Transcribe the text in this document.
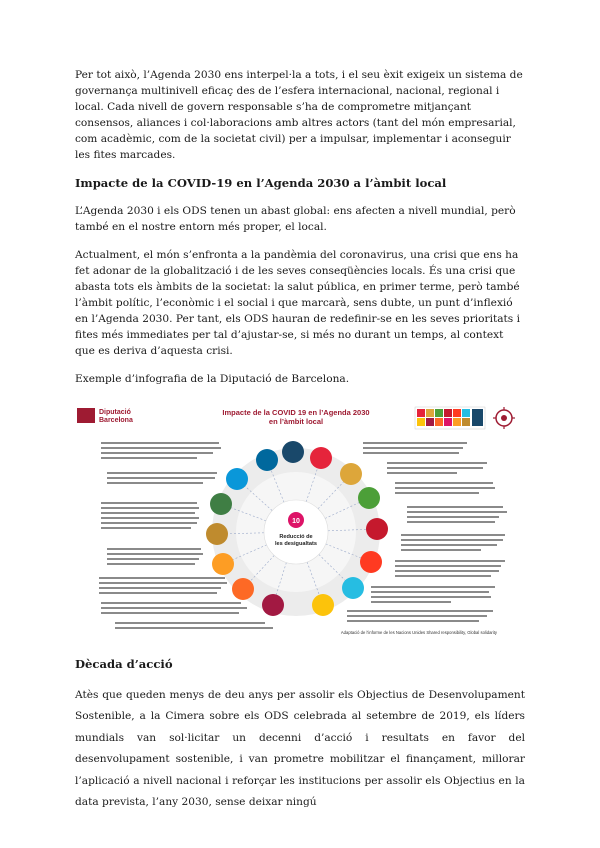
Per tot això, l’Agenda 2030 ens interpel·la a tots, i el seu èxit exigeix un sistema de governança multinivell eficaç des de l’esfera internacional, nacional, regional i local. Cada nivell de govern responsable s’ha de comprometre mitjançant consensos, aliances i col·laboracions amb altres actors (tant del món empresarial, com acadèmic, com de la societat civil) per a impulsar, implementar i aconseguir les fites marcades.

Impacte de la COVID-19 en l’Agenda 2030 a l’àmbit local

L’Agenda 2030 i els ODS tenen un abast global: ens afecten a nivell mundial, però també en el nostre entorn més proper, el local.

Actualment, el món s’enfronta a la pandèmia del coronavirus, una crisi que ens ha fet adonar de la globalització i de les seves conseqüències locals. És una crisi que abasta tots els àmbits de la societat: la salut pública, en primer terme, però també l’àmbit polític, l’econòmic i el social i que marcarà, sens dubte, un punt d’inflexió en l’Agenda 2030. Per tant, els ODS hauran de redefinir-se en les seves prioritats i fites més immediates per tal d’ajustar-se, si més no durant un temps, al context que es deriva d’aquesta crisi.

Exemple d’infografia de la Diputació de Barcelona.

Diputació
Barcelona
Impacte de la COVID 19 en l’Agenda 2030
en l’àmbit local
10
Reducció de
les desigualtats
Adaptació de l’informe de les Nacions Unides Shared responsibility, Global solidarity
Dècada d’acció

Atès que queden menys de deu anys per assolir els Objectius de Desenvolupament Sostenible, a la Cimera sobre els ODS celebrada al setembre de 2019, els líders mundials van sol·licitar un decenni d’acció i resultats en favor del desenvolupament sostenible, i van prometre mobilitzar el finançament, millorar l’aplicació a nivell nacional i reforçar les institucions per assolir els Objectius en la data prevista, l’any 2030, sense deixar ningú
